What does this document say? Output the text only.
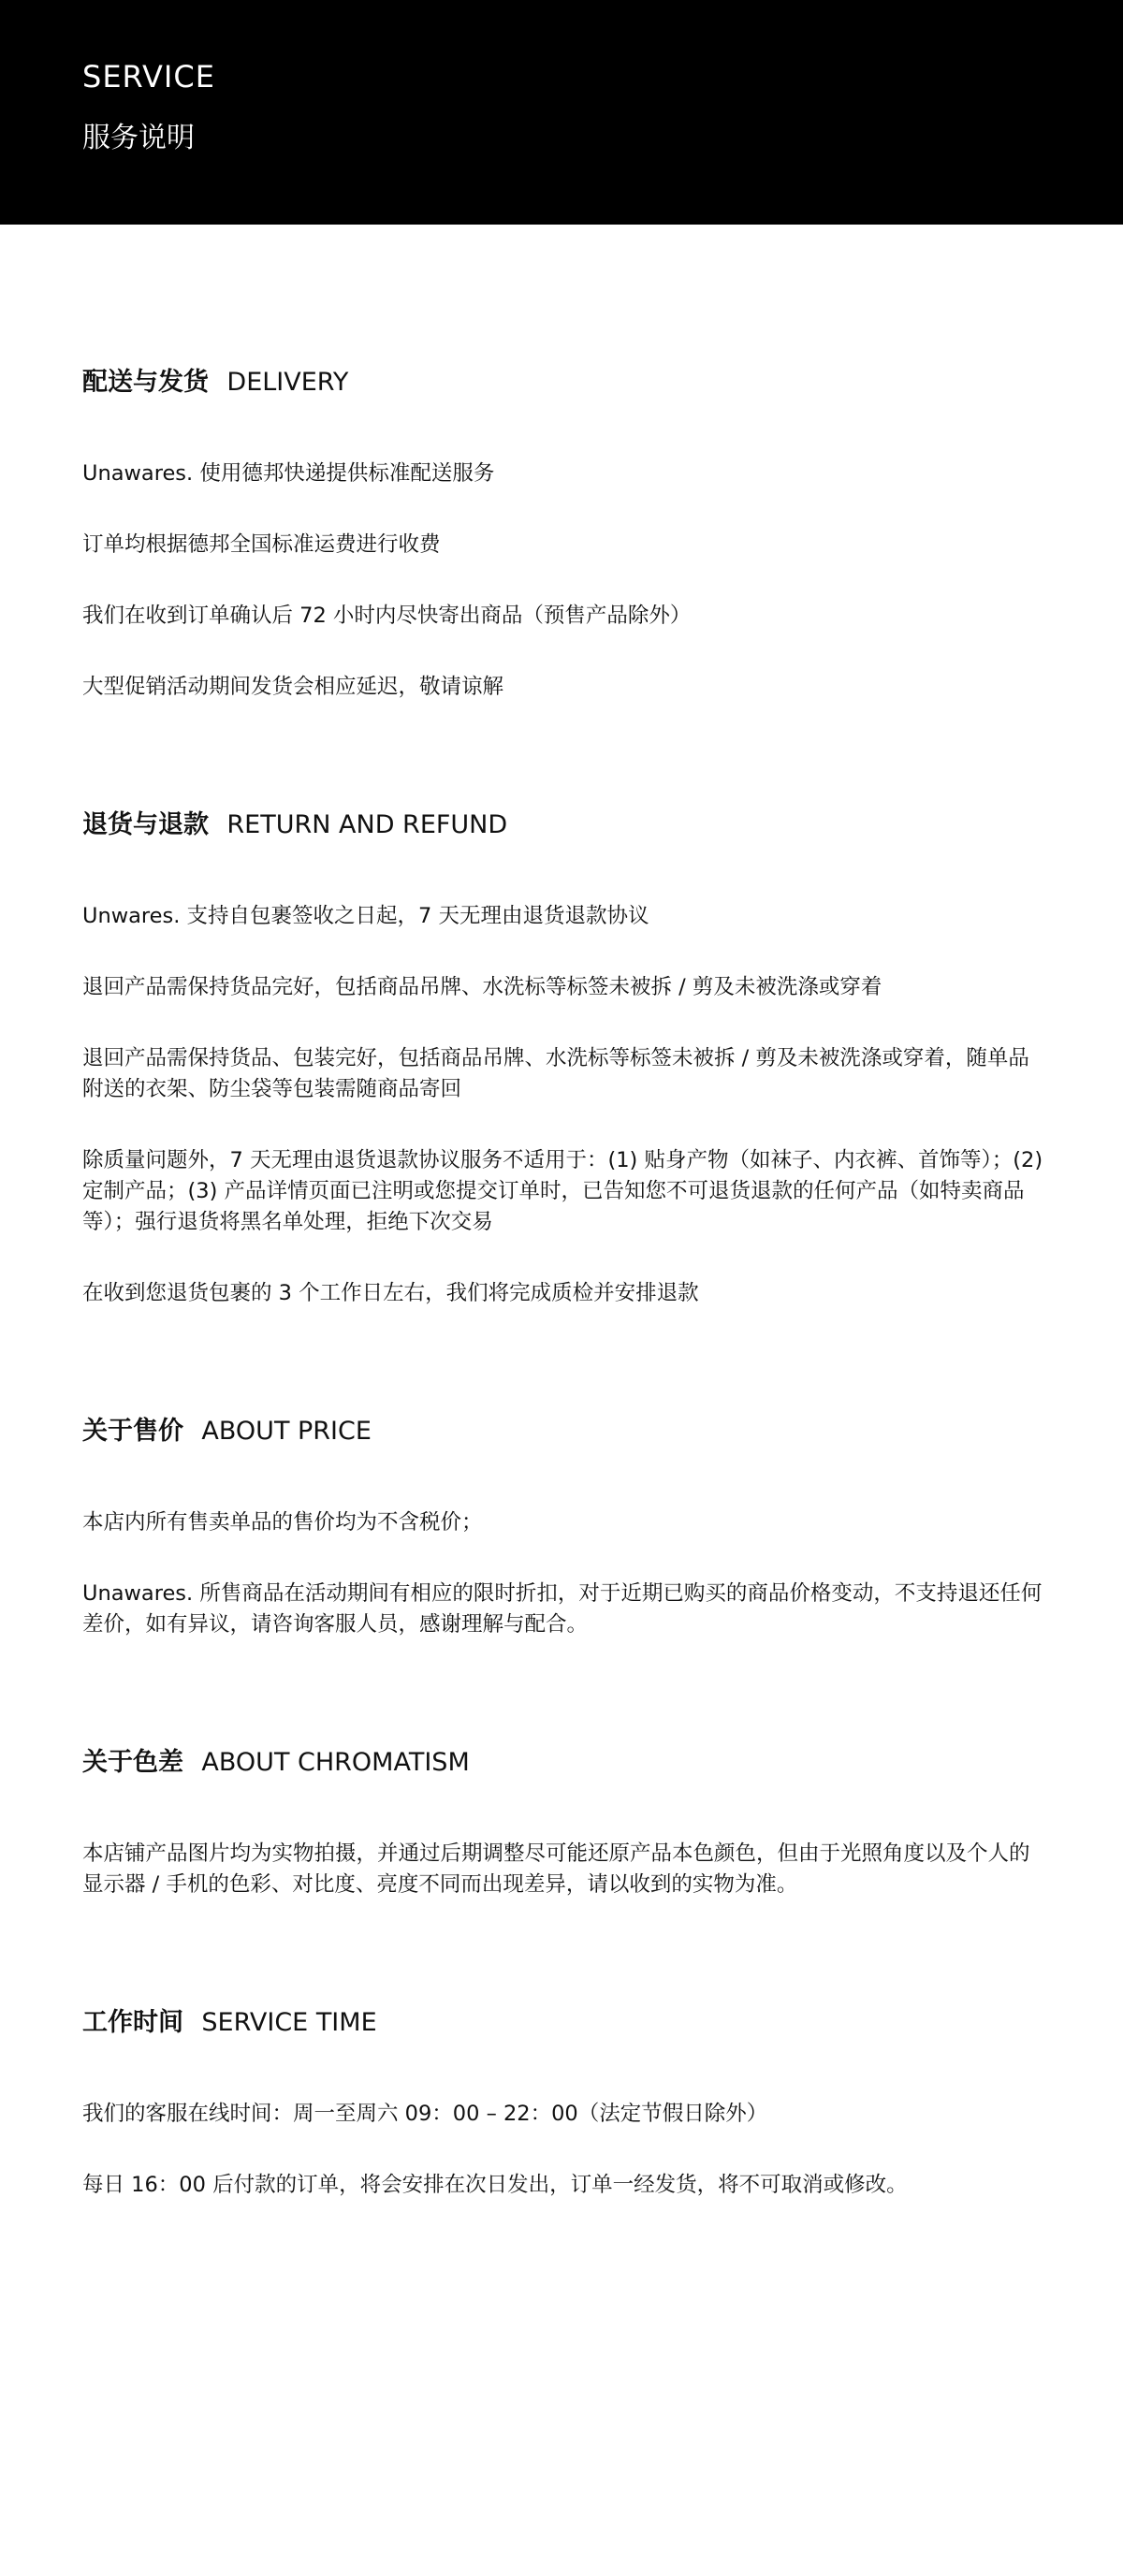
SERVICE
服务说明
配送与发货 DELIVERY

Unawares. 使用德邦快递提供标准配送服务

订单均根据德邦全国标准运费进行收费

我们在收到订单确认后 72 小时内尽快寄出商品（预售产品除外）

大型促销活动期间发货会相应延迟，敬请谅解

退货与退款 RETURN AND REFUND

Unwares. 支持自包裹签收之日起，7 天无理由退货退款协议

退回产品需保持货品完好，包括商品吊牌、水洗标等标签未被拆 / 剪及未被洗涤或穿着

退回产品需保持货品、包装完好，包括商品吊牌、水洗标等标签未被拆 / 剪及未被洗涤或穿着，随单品附送的衣架、防尘袋等包装需随商品寄回

除质量问题外，7 天无理由退货退款协议服务不适用于：(1) 贴身产物（如袜子、内衣裤、首饰等）；(2) 定制产品；(3) 产品详情页面已注明或您提交订单时，已告知您不可退货退款的任何产品（如特卖商品等）；强行退货将黑名单处理，拒绝下次交易

在收到您退货包裹的 3 个工作日左右，我们将完成质检并安排退款

关于售价 ABOUT PRICE

本店内所有售卖单品的售价均为不含税价；

Unawares. 所售商品在活动期间有相应的限时折扣，对于近期已购买的商品价格变动，不支持退还任何差价，如有异议，请咨询客服人员，感谢理解与配合。

关于色差 ABOUT CHROMATISM

本店铺产品图片均为实物拍摄，并通过后期调整尽可能还原产品本色颜色，但由于光照角度以及个人的显示器 / 手机的色彩、对比度、亮度不同而出现差异，请以收到的实物为准。

工作时间 SERVICE TIME

我们的客服在线时间：周一至周六 09：00 – 22：00（法定节假日除外）

每日 16：00 后付款的订单，将会安排在次日发出，订单一经发货，将不可取消或修改。
